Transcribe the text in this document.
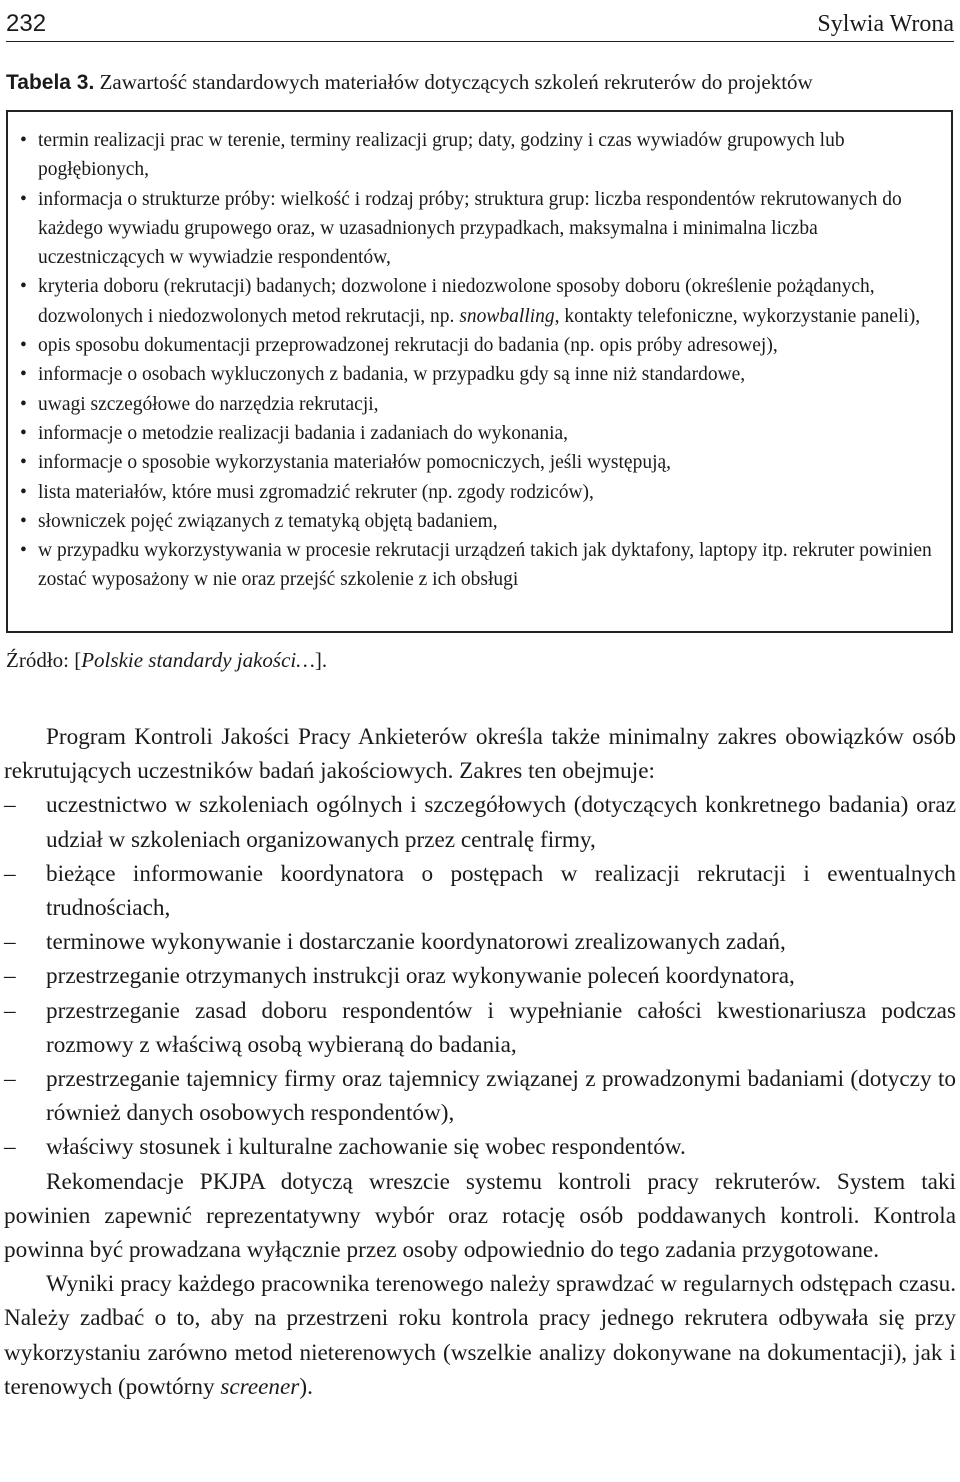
232	Sylwia Wrona
Tabela 3. Zawartość standardowych materiałów dotyczących szkoleń rekruterów do projektów
• termin realizacji prac w terenie, terminy realizacji grup; daty, godziny i czas wywiadów grupowych lub pogłębionych,
• informacja o strukturze próby: wielkość i rodzaj próby; struktura grup: liczba respondentów rekrutowanych do każdego wywiadu grupowego oraz, w uzasadnionych przypadkach, maksymalna i minimalna liczba uczestniczących w wywiadzie respondentów,
• kryteria doboru (rekrutacji) badanych; dozwolone i niedozwolone sposoby doboru (określenie pożądanych, dozwolonych i niedozwolonych metod rekrutacji, np. snowballing, kontakty telefoniczne, wykorzystanie paneli),
• opis sposobu dokumentacji przeprowadzonej rekrutacji do badania (np. opis próby adresowej),
• informacje o osobach wykluczonych z badania, w przypadku gdy są inne niż standardowe,
• uwagi szczegółowe do narzędzia rekrutacji,
• informacje o metodzie realizacji badania i zadaniach do wykonania,
• informacje o sposobie wykorzystania materiałów pomocniczych, jeśli występują,
• lista materiałów, które musi zgromadzić rekruter (np. zgody rodziców),
• słowniczek pojęć związanych z tematyką objętą badaniem,
• w przypadku wykorzystywania w procesie rekrutacji urządzeń takich jak dyktafony, laptopy itp. rekruter powinien zostać wyposażony w nie oraz przejść szkolenie z ich obsługi
Źródło: [Polskie standardy jakości…].

Program Kontroli Jakości Pracy Ankieterów określa także minimalny zakres obowiązków osób rekrutujących uczestników badań jakościowych. Zakres ten obejmuje:

– uczestnictwo w szkoleniach ogólnych i szczegółowych (dotyczących konkretnego badania) oraz udział w szkoleniach organizowanych przez centralę firmy,
– bieżące informowanie koordynatora o postępach w realizacji rekrutacji i ewentualnych trudnościach,
– terminowe wykonywanie i dostarczanie koordynatorowi zrealizowanych zadań,
– przestrzeganie otrzymanych instrukcji oraz wykonywanie poleceń koordynatora,
– przestrzeganie zasad doboru respondentów i wypełnianie całości kwestionariusza podczas rozmowy z właściwą osobą wybieraną do badania,
– przestrzeganie tajemnicy firmy oraz tajemnicy związanej z prowadzonymi badaniami (dotyczy to również danych osobowych respondentów),
– właściwy stosunek i kulturalne zachowanie się wobec respondentów.

Rekomendacje PKJPA dotyczą wreszcie systemu kontroli pracy rekruterów. System taki powinien zapewnić reprezentatywny wybór oraz rotację osób poddawanych kontroli. Kontrola powinna być prowadzana wyłącznie przez osoby odpowiednio do tego zadania przygotowane.

Wyniki pracy każdego pracownika terenowego należy sprawdzać w regularnych odstępach czasu. Należy zadbać o to, aby na przestrzeni roku kontrola pracy jednego rekrutera odbywała się przy wykorzystaniu zarówno metod nieterenowych (wszelkie analizy dokonywane na dokumentacji), jak i terenowych (powtórny screener).
